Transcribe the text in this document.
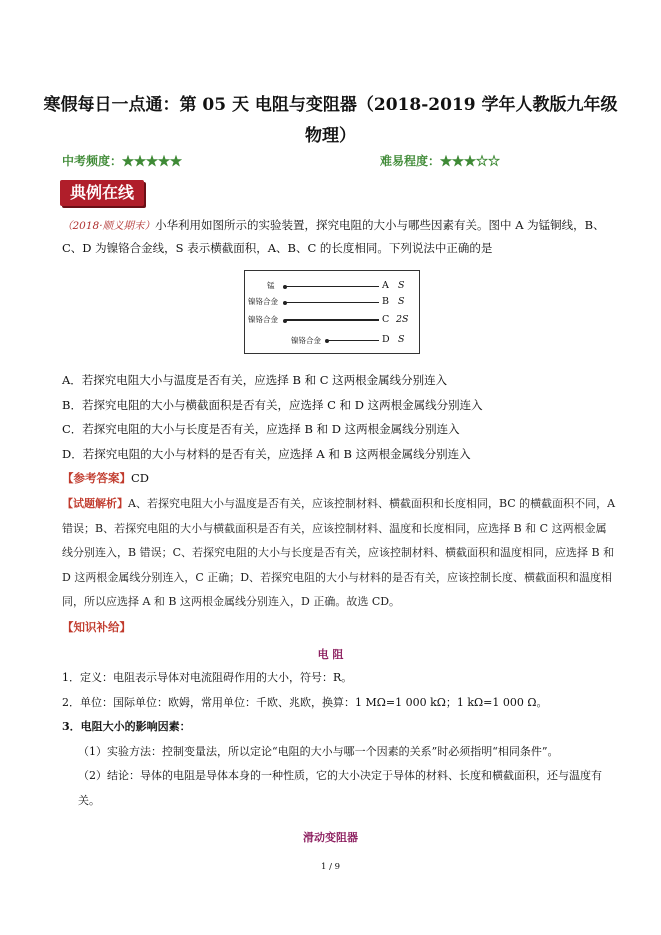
寒假每日一点通：第 05 天 电阻与变阻器（2018-2019 学年人教版九年级物理）
中考频度：★★★★★	难易程度：★★★☆☆
典例在线
（2018·顺义期末）小华利用如图所示的实验装置，探究电阻的大小与哪些因素有关。图中 A 为锰铜线，B、C、D 为镍铬合金线，S 表示横截面积，A、B、C 的长度相同。下列说法中正确的是
锰	A S
镍铬合金	B S
镍铬合金	C 2S
镍铬合金	D S
A．若探究电阻大小与温度是否有关，应选择 B 和 C 这两根金属线分别连入
B．若探究电阻的大小与横截面积是否有关，应选择 C 和 D 这两根金属线分别连入
C．若探究电阻的大小与长度是否有关，应选择 B 和 D 这两根金属线分别连入
D．若探究电阻的大小与材料的是否有关，应选择 A 和 B 这两根金属线分别连入
【参考答案】CD
【试题解析】A、若探究电阻大小与温度是否有关，应该控制材料、横截面积和长度相同，BC 的横截面积不同，A 错误；B、若探究电阻的大小与横截面积是否有关，应该控制材料、温度和长度相同，应选择 B 和 C 这两根金属线分别连入，B 错误；C、若探究电阻的大小与长度是否有关，应该控制材料、横截面积和温度相同，应选择 B 和 D 这两根金属线分别连入，C 正确；D、若探究电阻的大小与材料的是否有关，应该控制长度、横截面积和温度相同，所以应选择 A 和 B 这两根金属线分别连入，D 正确。故选 CD。
【知识补给】
电 阻

1．定义：电阻表示导体对电流阻碍作用的大小，符号：R。

2．单位：国际单位：欧姆，常用单位：千欧、兆欧，换算：1 MΩ=1 000 kΩ；1 kΩ=1 000 Ω。

3．电阻大小的影响因素：

（1）实验方法：控制变量法，所以定论“电阻的大小与哪一个因素的关系”时必须指明“相同条件”。

（2）结论：导体的电阻是导体本身的一种性质，它的大小决定于导体的材料、长度和横截面积，还与温度有关。

滑动变阻器
1 / 9
